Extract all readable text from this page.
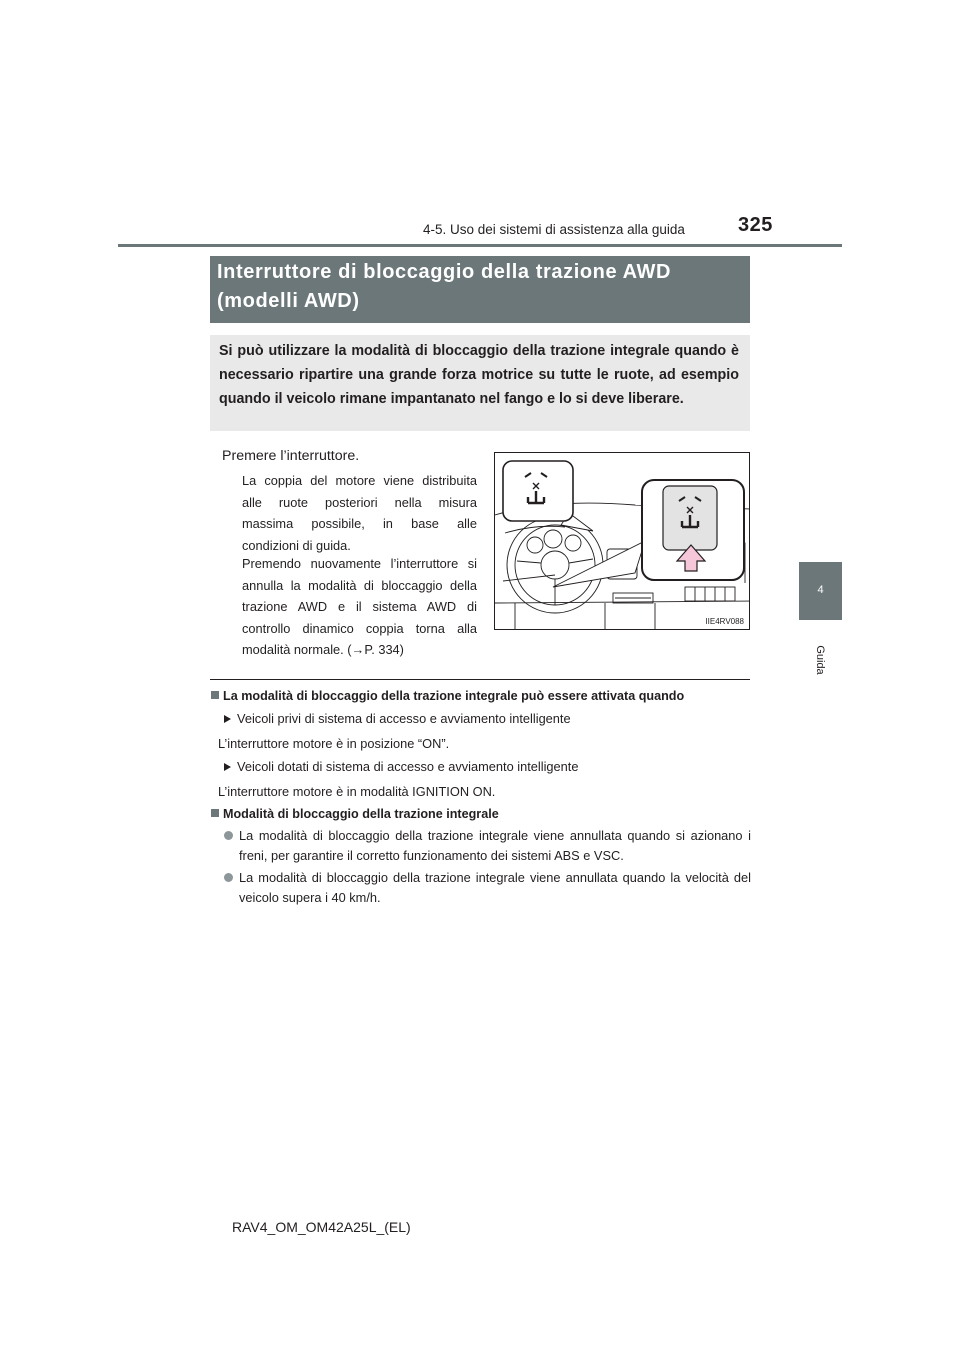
4-5. Uso dei sistemi di assistenza alla guida	325
4
Guida
Interruttore di bloccaggio della trazione AWD
(modelli AWD)

Si può utilizzare la modalità di bloccaggio della trazione integrale quando è necessario ripartire una grande forza motrice su tutte le ruote, ad esempio quando il veicolo rimane impantanato nel fango e lo si deve liberare.

Premere l’interruttore.

La coppia del motore viene distribuita alle ruote posteriori nella misura massima possibile, in base alle condizioni di guida.

Premendo nuovamente l’interruttore si annulla la modalità di bloccaggio della trazione AWD e il sistema AWD di controllo dinamico coppia torna alla modalità normale. (→P. 334)

IIE4RV088
La modalità di bloccaggio della trazione integrale può essere attivata quando
Veicoli privi di sistema di accesso e avviamento intelligente
L’interruttore motore è in posizione “ON”.
Veicoli dotati di sistema di accesso e avviamento intelligente
L’interruttore motore è in modalità IGNITION ON.
Modalità di bloccaggio della trazione integrale
La modalità di bloccaggio della trazione integrale viene annullata quando si azionano i freni, per garantire il corretto funzionamento dei sistemi ABS e VSC.
La modalità di bloccaggio della trazione integrale viene annullata quando la velocità del veicolo supera i 40 km/h.
RAV4_OM_OM42A25L_(EL)
